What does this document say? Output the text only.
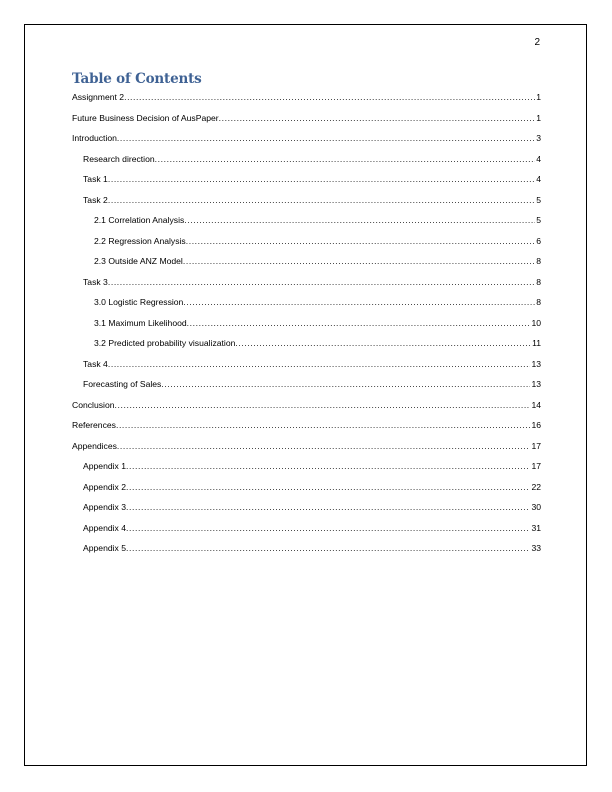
2
Table of Contents
Assignment 2 .....	1
Future Business Decision of AusPaper .....	1
Introduction .....	3
Research direction .....	4
Task 1 .....	4
Task 2 .....	5
2.1 Correlation Analysis .....	5
2.2 Regression Analysis .....	6
2.3 Outside ANZ Model .....	8
Task 3 .....	8
3.0 Logistic Regression .....	8
3.1 Maximum Likelihood .....	10
3.2 Predicted probability visualization .....	11
Task 4 .....	13
Forecasting of Sales .....	13
Conclusion .....	14
References .....	16
Appendices .....	17
Appendix 1 .....	17
Appendix 2 .....	22
Appendix 3 .....	30
Appendix 4 .....	31
Appendix 5 .....	33
